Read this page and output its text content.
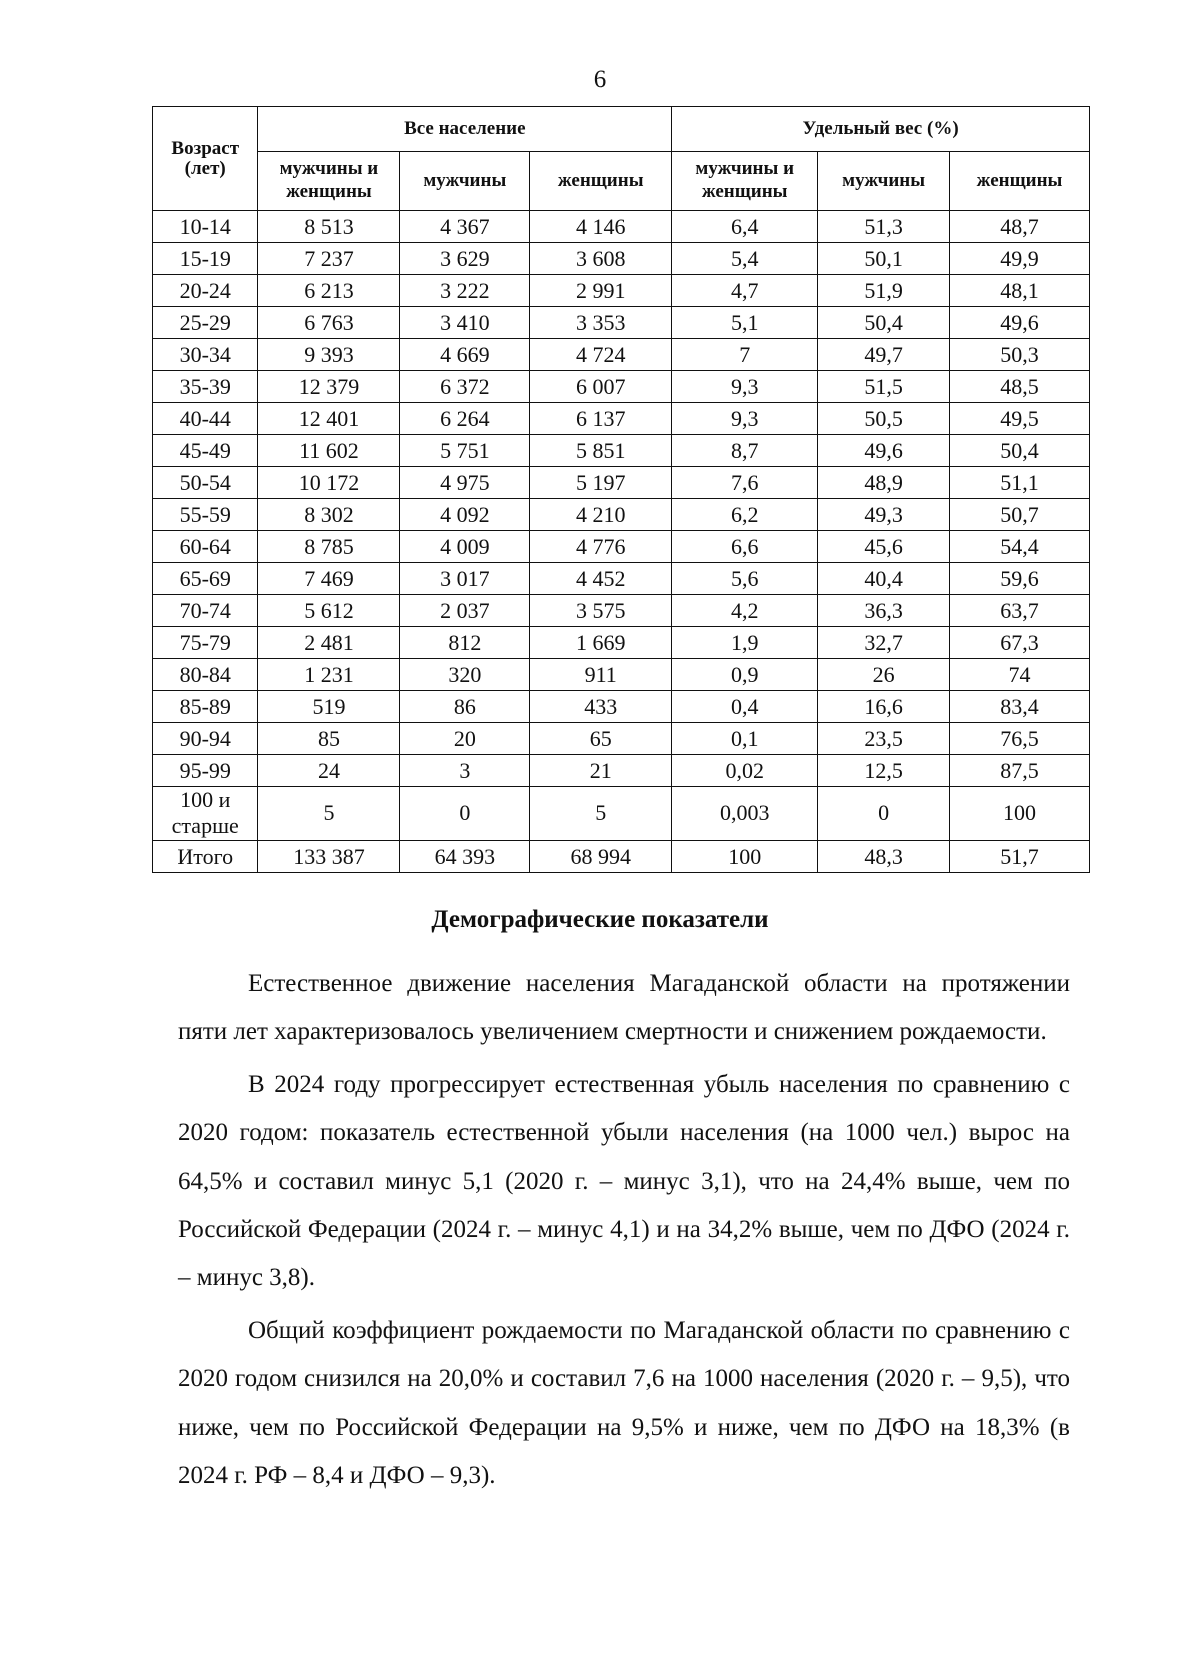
6
Возраст (лет)	Все население			Удельный вес (%)		
	мужчины и женщины	мужчины	женщины	мужчины и женщины	мужчины	женщины
10-14	8 513	4 367	4 146	6,4	51,3	48,7
15-19	7 237	3 629	3 608	5,4	50,1	49,9
20-24	6 213	3 222	2 991	4,7	51,9	48,1
25-29	6 763	3 410	3 353	5,1	50,4	49,6
30-34	9 393	4 669	4 724	7	49,7	50,3
35-39	12 379	6 372	6 007	9,3	51,5	48,5
40-44	12 401	6 264	6 137	9,3	50,5	49,5
45-49	11 602	5 751	5 851	8,7	49,6	50,4
50-54	10 172	4 975	5 197	7,6	48,9	51,1
55-59	8 302	4 092	4 210	6,2	49,3	50,7
60-64	8 785	4 009	4 776	6,6	45,6	54,4
65-69	7 469	3 017	4 452	5,6	40,4	59,6
70-74	5 612	2 037	3 575	4,2	36,3	63,7
75-79	2 481	812	1 669	1,9	32,7	67,3
80-84	1 231	320	911	0,9	26	74
85-89	519	86	433	0,4	16,6	83,4
90-94	85	20	65	0,1	23,5	76,5
95-99	24	3	21	0,02	12,5	87,5
100 и старше	5	0	5	0,003	0	100
Итого	133 387	64 393	68 994	100	48,3	51,7
Демографические показатели

Естественное движение населения Магаданской области на протяжении пяти лет характеризовалось увеличением смертности и снижением рождаемости.

В 2024 году прогрессирует естественная убыль населения по сравнению с 2020 годом: показатель естественной убыли населения (на 1000 чел.) вырос на 64,5% и составил минус 5,1 (2020 г. – минус 3,1), что на 24,4% выше, чем по Российской Федерации (2024 г. – минус 4,1) и на 34,2% выше, чем по ДФО (2024 г. – минус 3,8).

Общий коэффициент рождаемости по Магаданской области по сравнению с 2020 годом снизился на 20,0% и составил 7,6 на 1000 населения (2020 г. – 9,5), что ниже, чем по Российской Федерации на 9,5% и ниже, чем по ДФО на 18,3% (в 2024 г. РФ – 8,4 и ДФО – 9,3).
